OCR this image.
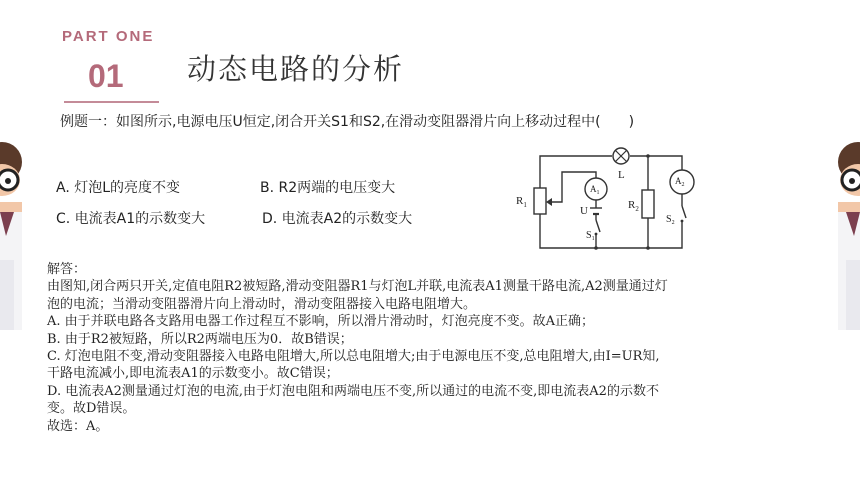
PART ONE
01 动态电路的分析
例题一：如图所示,电源电压U恒定,闭合开关S1和S2,在滑动变阻器滑片向上移动过程中(　　)
A. 灯泡L的亮度不变	B. R2两端的电压变大
C. 电流表A1的示数变大	D. 电流表A2的示数变大
$R_1$
$A_1$
L	$A_2$
U	$R_2$
$S_1$
$S_2$
解答：
由图知,闭合两只开关,定值电阻R2被短路,滑动变阻器R1与灯泡L并联,电流表A1测量干路电流,A2测量通过灯
泡的电流；当滑动变阻器滑片向上滑动时，滑动变阻器接入电路电阻增大。
A. 由于并联电路各支路用电器工作过程互不影响，所以滑片滑动时，灯泡亮度不变。故A正确；
B. 由于R2被短路，所以R2两端电压为0．故B错误；
C. 灯泡电阻不变,滑动变阻器接入电路电阻增大,所以总电阻增大;由于电源电压不变,总电阻增大,由I=UR知,
干路电流减小,即电流表A1的示数变小。故C错误；
D. 电流表A2测量通过灯泡的电流,由于灯泡电阻和两端电压不变,所以通过的电流不变,即电流表A2的示数不
变。故D错误。
故选：A。
